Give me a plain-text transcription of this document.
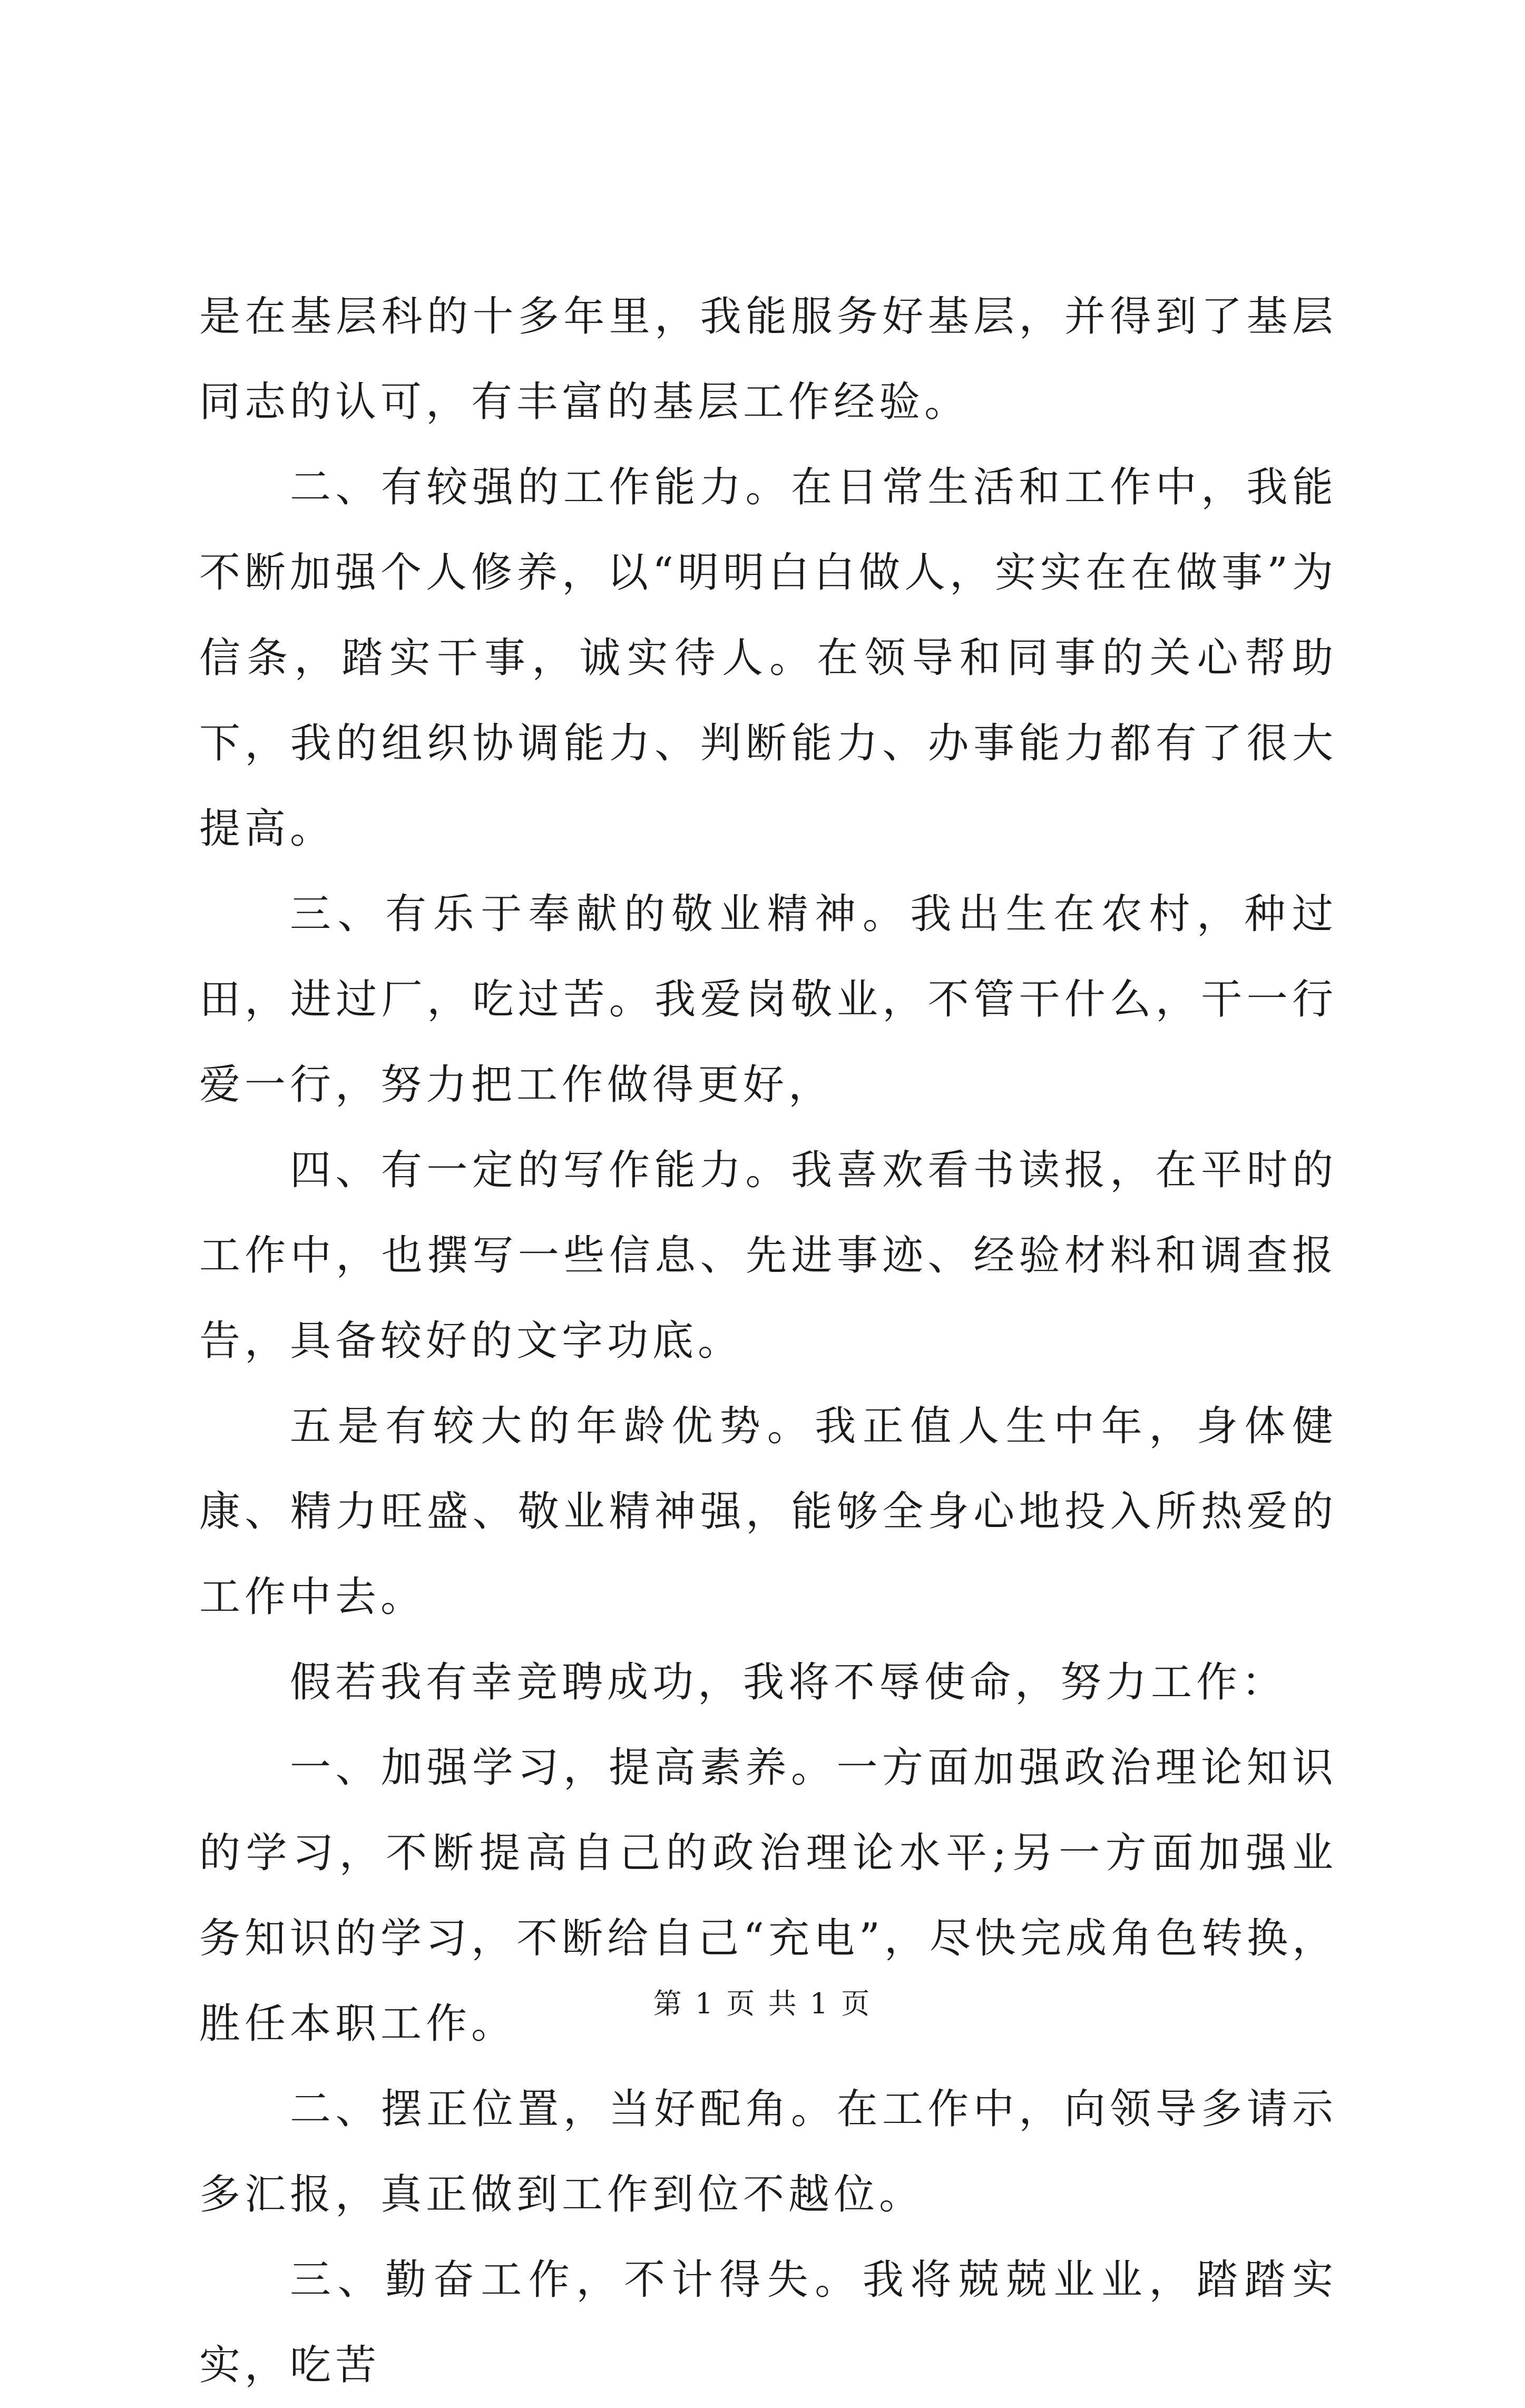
是在基层科的十多年里，我能服务好基层，并得到了基层同志的认可，有丰富的基层工作经验。

二、有较强的工作能力。在日常生活和工作中，我能不断加强个人修养，以“明明白白做人，实实在在做事”为信条，踏实干事，诚实待人。在领导和同事的关心帮助下，我的组织协调能力、判断能力、办事能力都有了很大提高。

三、有乐于奉献的敬业精神。我出生在农村，种过田，进过厂，吃过苦。我爱岗敬业，不管干什么，干一行爱一行，努力把工作做得更好，

四、有一定的写作能力。我喜欢看书读报，在平时的工作中，也撰写一些信息、先进事迹、经验材料和调查报告，具备较好的文字功底。

五是有较大的年龄优势。我正值人生中年，身体健康、精力旺盛、敬业精神强，能够全身心地投入所热爱的工作中去。

假若我有幸竞聘成功，我将不辱使命，努力工作：

一、加强学习，提高素养。一方面加强政治理论知识的学习，不断提高自己的政治理论水平;另一方面加强业务知识的学习，不断给自己“充电”，尽快完成角色转换，胜任本职工作。

二、摆正位置，当好配角。在工作中，向领导多请示多汇报，真正做到工作到位不越位。

三、勤奋工作，不计得失。我将兢兢业业，踏踏实实，吃苦

第 1 页 共 1 页
